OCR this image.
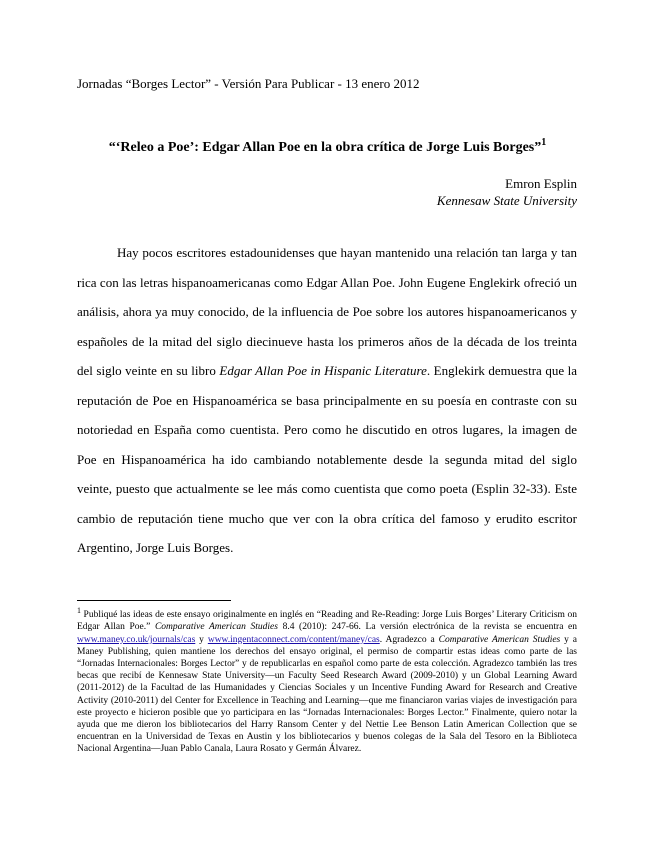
Jornadas “Borges Lector” - Versión Para Publicar - 13 enero 2012
“‘Releo a Poe’: Edgar Allan Poe en la obra crítica de Jorge Luis Borges”$^1$
Emron Esplin
Kennesaw State University

Hay pocos escritores estadounidenses que hayan mantenido una relación tan larga y tan rica con las letras hispanoamericanas como Edgar Allan Poe. John Eugene Englekirk ofreció un análisis, ahora ya muy conocido, de la influencia de Poe sobre los autores hispanoamericanos y españoles de la mitad del siglo diecinueve hasta los primeros años de la década de los treinta del siglo veinte en su libro Edgar Allan Poe in Hispanic Literature. Englekirk demuestra que la reputación de Poe en Hispanoamérica se basa principalmente en su poesía en contraste con su notoriedad en España como cuentista. Pero como he discutido en otros lugares, la imagen de Poe en Hispanoamérica ha ido cambiando notablemente desde la segunda mitad del siglo veinte, puesto que actualmente se lee más como cuentista que como poeta (Esplin 32-33). Este cambio de reputación tiene mucho que ver con la obra crítica del famoso y erudito escritor Argentino, Jorge Luis Borges.

$^1$ Publiqué las ideas de este ensayo originalmente en inglés en “Reading and Re-Reading: Jorge Luis Borges’ Literary Criticism on Edgar Allan Poe.” Comparative American Studies 8.4 (2010): 247-66. La versión electrónica de la revista se encuentra en www.maney.co.uk/journals/cas y www.ingentaconnect.com/content/maney/cas. Agradezco a Comparative American Studies y a Maney Publishing, quien mantiene los derechos del ensayo original, el permiso de compartir estas ideas como parte de las “Jornadas Internacionales: Borges Lector” y de republicarlas en español como parte de esta colección. Agradezco también las tres becas que recibí de Kennesaw State University—un Faculty Seed Research Award (2009-2010) y un Global Learning Award (2011-2012) de la Facultad de las Humanidades y Ciencias Sociales y un Incentive Funding Award for Research and Creative Activity (2010-2011) del Center for Excellence in Teaching and Learning—que me financiaron varias viajes de investigación para este proyecto e hicieron posible que yo participara en las “Jornadas Internacionales: Borges Lector.” Finalmente, quiero notar la ayuda que me dieron los bibliotecarios del Harry Ransom Center y del Nettie Lee Benson Latin American Collection que se encuentran en la Universidad de Texas en Austin y los bibliotecarios y buenos colegas de la Sala del Tesoro en la Biblioteca Nacional Argentina—Juan Pablo Canala, Laura Rosato y Germán Álvarez.
